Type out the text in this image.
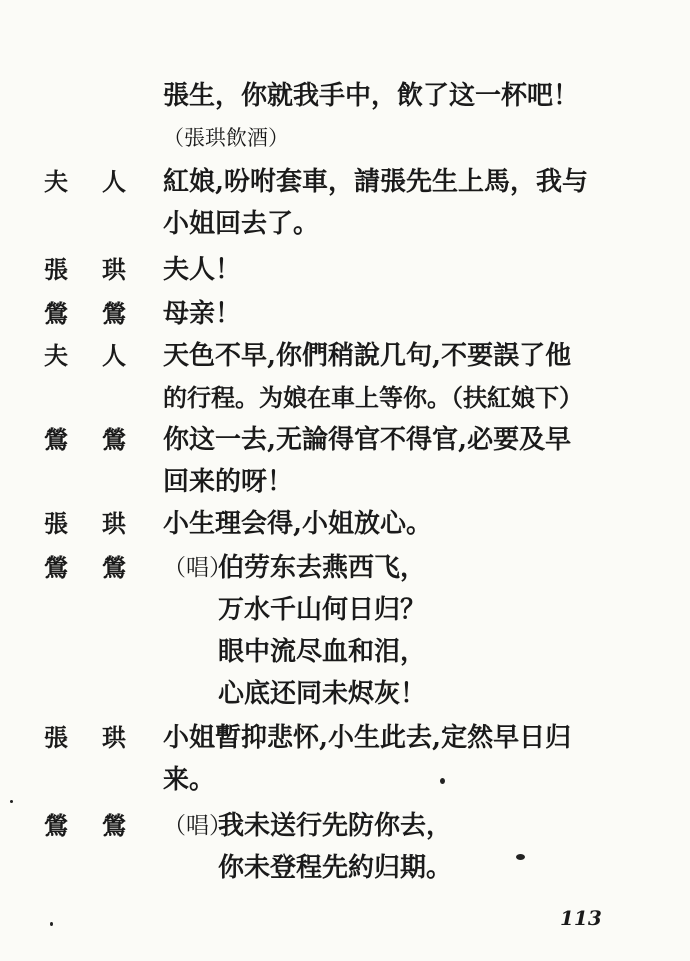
張生，你就我手中，飲了这一杯吧！
（張珙飲酒）
夫 人 紅娘,吩咐套車，請張先生上馬，我与
小姐回去了。
張 珙 夫人！
鶯 鶯 母亲！
夫 人 天色不早,你們稍說几句,不要誤了他
的行程。为娘在車上等你。（扶紅娘下）
鶯 鶯 你这一去,无論得官不得官,必要及早
回来的呀！
張 珙 小生理会得,小姐放心。
鶯 鶯 （唱）
伯劳东去燕西飞，
万水千山何日归？
眼中流尽血和泪，
心底还同未烬灰！
張 珙 小姐暫抑悲怀,小生此去,定然早日归
来。
鶯 鶯 （唱）
我未送行先防你去，
你未登程先約归期。
113
